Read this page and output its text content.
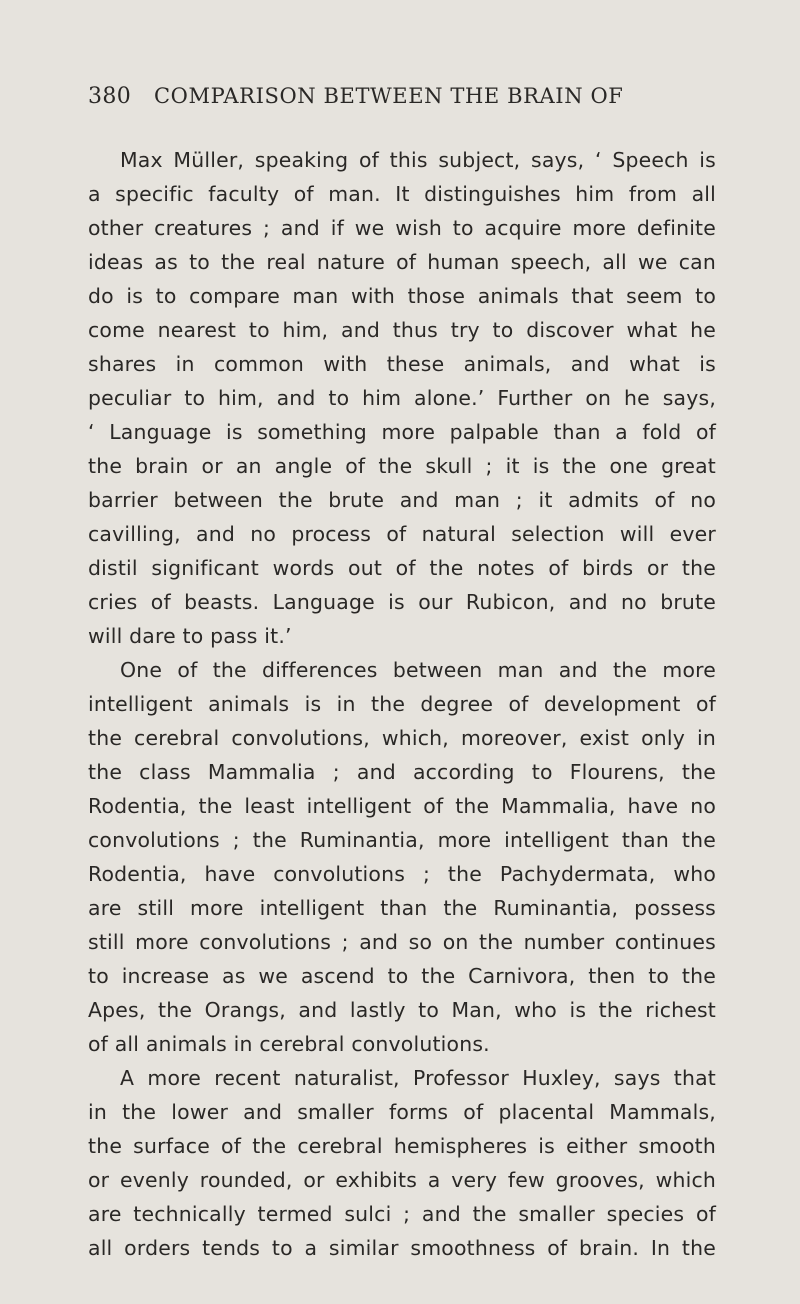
380	COMPARISON BETWEEN THE BRAIN OF
Max Müller, speaking of this subject, says, ‘ Speech is
a specific faculty of man. It distinguishes him from all
other creatures ; and if we wish to acquire more definite
ideas as to the real nature of human speech, all we can
do is to compare man with those animals that seem to
come nearest to him, and thus try to discover what he
shares in common with these animals, and what is
peculiar to him, and to him alone.’ Further on he says,
‘ Language is something more palpable than a fold of
the brain or an angle of the skull ; it is the one great
barrier between the brute and man ; it admits of no
cavilling, and no process of natural selection will ever
distil significant words out of the notes of birds or the
cries of beasts. Language is our Rubicon, and no brute
will dare to pass it.’
One of the differences between man and the more
intelligent animals is in the degree of development of
the cerebral convolutions, which, moreover, exist only in
the class Mammalia ; and according to Flourens, the
Rodentia, the least intelligent of the Mammalia, have no
convolutions ; the Ruminantia, more intelligent than the
Rodentia, have convolutions ; the Pachydermata, who
are still more intelligent than the Ruminantia, possess
still more convolutions ; and so on the number continues
to increase as we ascend to the Carnivora, then to the
Apes, the Orangs, and lastly to Man, who is the richest
of all animals in cerebral convolutions.
A more recent naturalist, Professor Huxley, says that
in the lower and smaller forms of placental Mammals,
the surface of the cerebral hemispheres is either smooth
or evenly rounded, or exhibits a very few grooves, which
are technically termed sulci ; and the smaller species of
all orders tends to a similar smoothness of brain. In the
